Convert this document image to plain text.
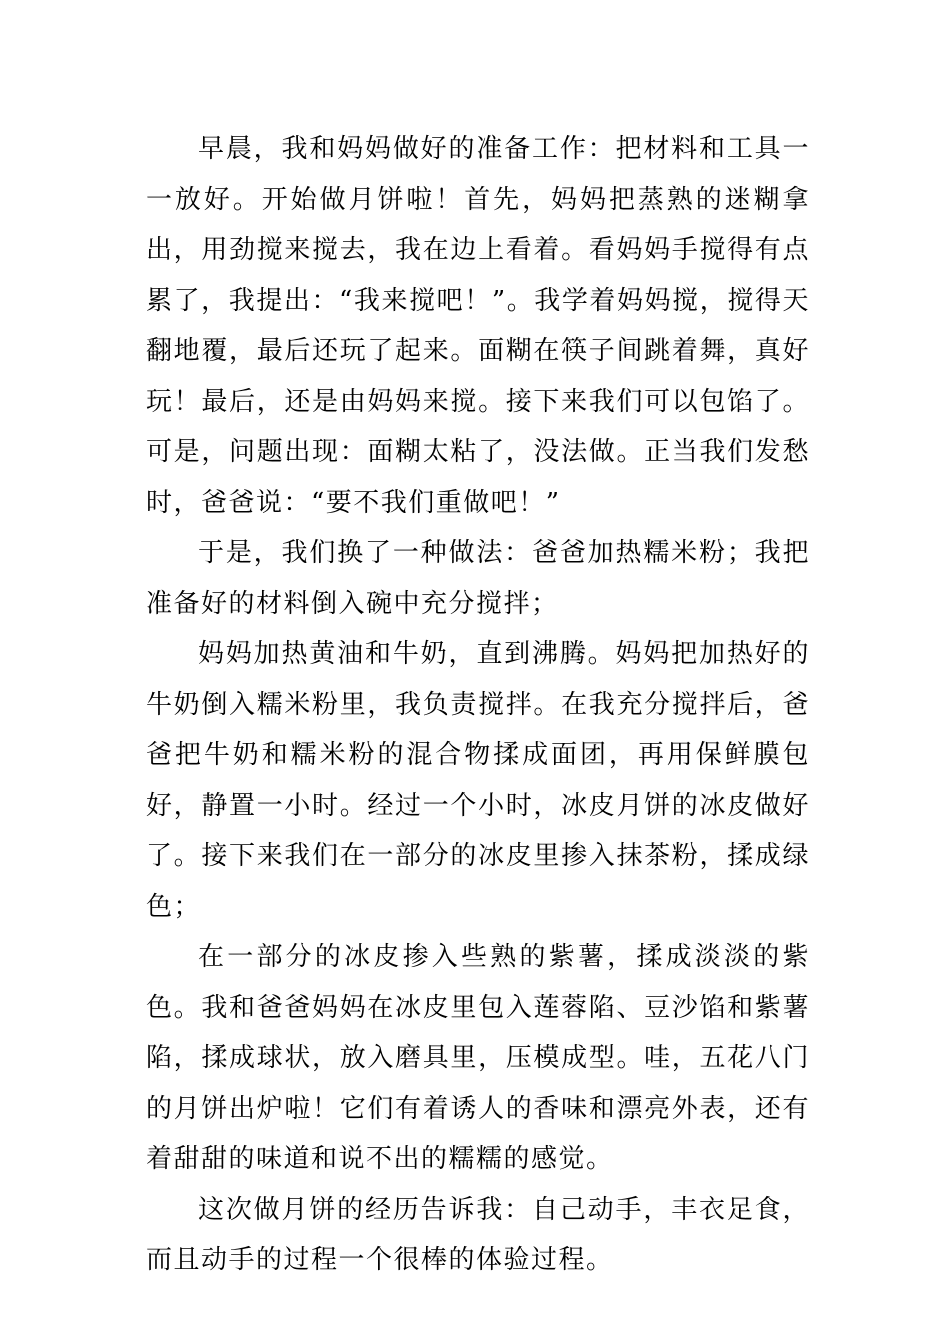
早晨，我和妈妈做好的准备工作：把材料和工具一一放好。开始做月饼啦！首先，妈妈把蒸熟的迷糊拿出，用劲搅来搅去，我在边上看着。看妈妈手搅得有点累了，我提出：“我来搅吧！”。我学着妈妈搅，搅得天翻地覆，最后还玩了起来。面糊在筷子间跳着舞，真好玩！最后，还是由妈妈来搅。接下来我们可以包馅了。可是，问题出现：面糊太粘了，没法做。正当我们发愁时，爸爸说：“要不我们重做吧！”

于是，我们换了一种做法：爸爸加热糯米粉；我把准备好的材料倒入碗中充分搅拌；

妈妈加热黄油和牛奶，直到沸腾。妈妈把加热好的牛奶倒入糯米粉里，我负责搅拌。在我充分搅拌后，爸爸把牛奶和糯米粉的混合物揉成面团，再用保鲜膜包好，静置一小时。经过一个小时，冰皮月饼的冰皮做好了。接下来我们在一部分的冰皮里掺入抹茶粉，揉成绿色；

在一部分的冰皮掺入些熟的紫薯，揉成淡淡的紫色。我和爸爸妈妈在冰皮里包入莲蓉陷、豆沙馅和紫薯陷，揉成球状，放入磨具里，压模成型。哇，五花八门的月饼出炉啦！它们有着诱人的香味和漂亮外表，还有着甜甜的味道和说不出的糯糯的感觉。

这次做月饼的经历告诉我：自己动手，丰衣足食，而且动手的过程一个很棒的体验过程。
